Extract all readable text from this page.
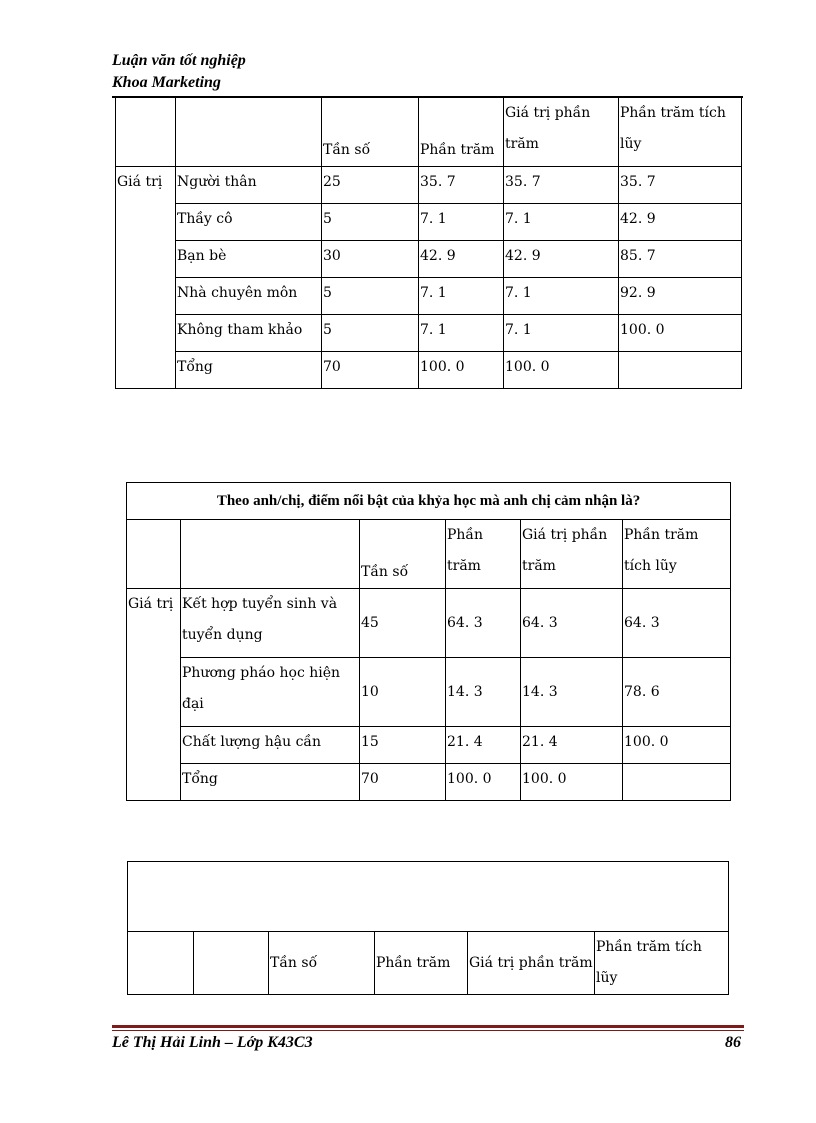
Luận văn tốt nghiệp
Khoa Marketing
		Tần số	Phần trăm	Giá trị phần trăm	Phần trăm tích lũy
Giá trị	Người thân	25	35. 7	35. 7	35. 7
	Thầy cô	5	7. 1	7. 1	42. 9
	Bạn bè	30	42. 9	42. 9	85. 7
	Nhà chuyên môn	5	7. 1	7. 1	92. 9
	Không tham khảo	5	7. 1	7. 1	100. 0
	Tổng	70	100. 0	100. 0	
Theo anh/chị, điểm nổi bật của khỷa học mà anh chị cảm nhận là?					
		Tần số	Phần trăm	Giá trị phần trăm	Phần trăm tích lũy
Giá trị	Kết hợp tuyển sinh và tuyển dụng	45	64. 3	64. 3	64. 3
	Phương pháo học hiện đại	10	14. 3	14. 3	78. 6
	Chất lượng hậu cần	15	21. 4	21. 4	100. 0
	Tổng	70	100. 0	100. 0	

		Tần số	Phần trăm	Giá trị phần trăm	Phần trăm tích lũy
Lê Thị Hải Linh – Lớp K43C3	86
